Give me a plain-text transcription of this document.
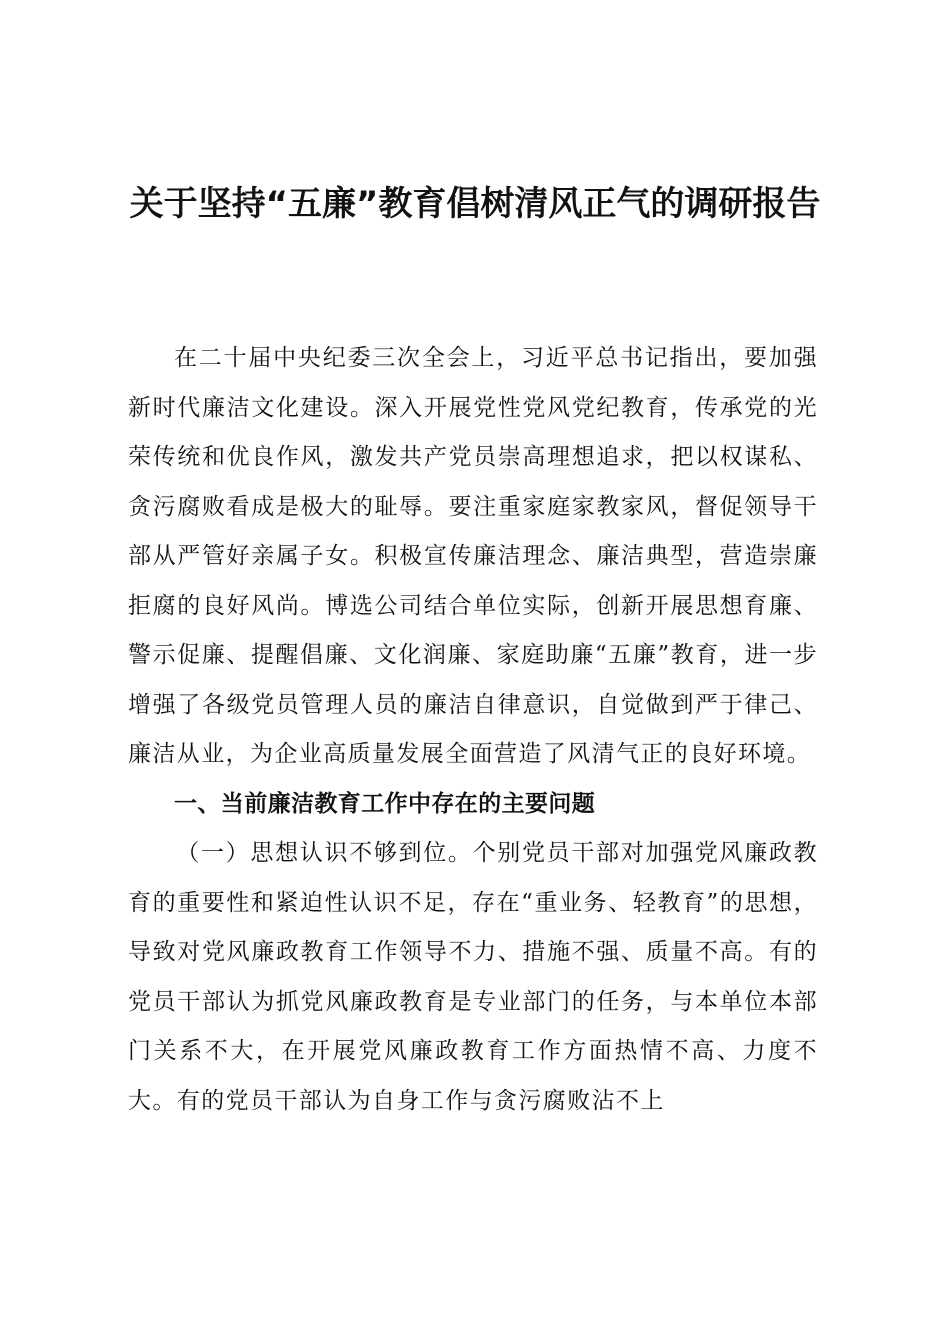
关于坚持“五廉”教育倡树清风正气的调研报告

在二十届中央纪委三次全会上，习近平总书记指出，要加强新时代廉洁文化建设。深入开展党性党风党纪教育，传承党的光荣传统和优良作风，激发共产党员崇高理想追求，把以权谋私、贪污腐败看成是极大的耻辱。要注重家庭家教家风，督促领导干部从严管好亲属子女。积极宣传廉洁理念、廉洁典型，营造崇廉拒腐的良好风尚。博选公司结合单位实际，创新开展思想育廉、警示促廉、提醒倡廉、文化润廉、家庭助廉“五廉”教育，进一步增强了各级党员管理人员的廉洁自律意识，自觉做到严于律己、廉洁从业，为企业高质量发展全面营造了风清气正的良好环境。

一、当前廉洁教育工作中存在的主要问题

（一）思想认识不够到位。个别党员干部对加强党风廉政教育的重要性和紧迫性认识不足，存在“重业务、轻教育”的思想，导致对党风廉政教育工作领导不力、措施不强、质量不高。有的党员干部认为抓党风廉政教育是专业部门的任务，与本单位本部门关系不大，在开展党风廉政教育工作方面热情不高、力度不大。有的党员干部认为自身工作与贪污腐败沾不上
